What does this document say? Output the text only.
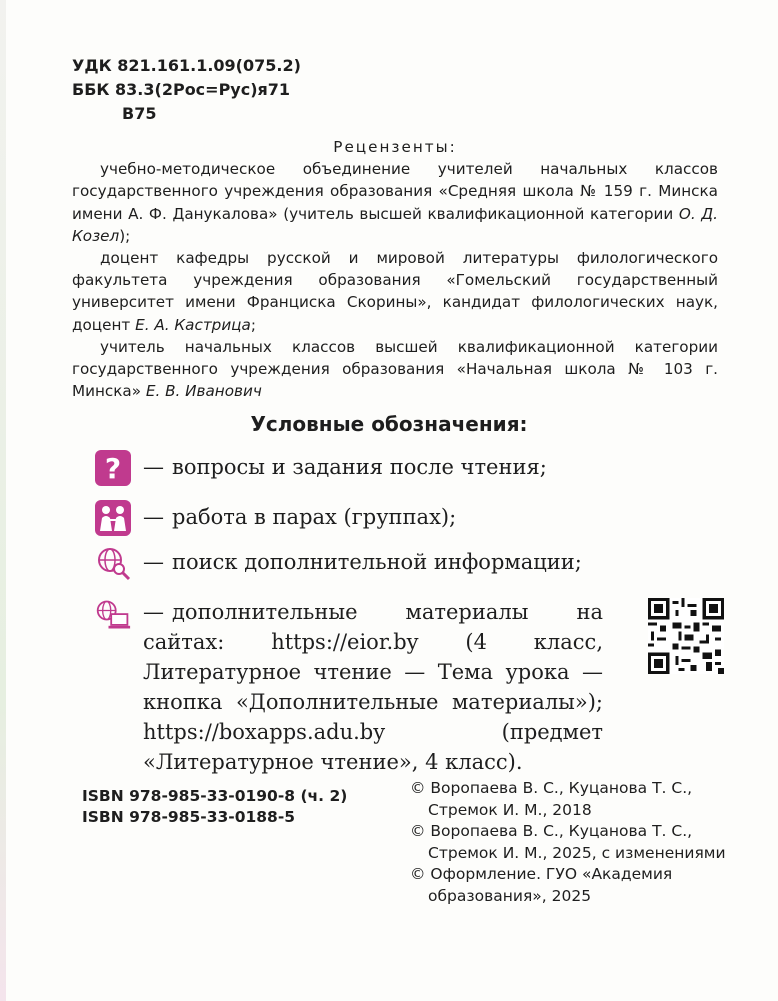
УДК 821.161.1.09(075.2)
ББК 83.3(2Рос=Рус)я71
В75
Рецензенты:

учебно-методическое объединение учителей начальных классов государственного учреждения образования «Средняя школа № 159 г. Минска имени А. Ф. Данукалова» (учитель высшей квалификационной категории О. Д. Козел);

доцент кафедры русской и мировой литературы филологического факультета учреждения образования «Гомельский государственный университет имени Франциска Скорины», кандидат филологических наук, доцент Е. А. Кастрица;

учитель начальных классов высшей квалификационной категории государственного учреждения образования «Начальная школа № 103 г. Минска» Е. В. Иванович

Условные обозначения:
?	— вопросы и задания после чтения;
— работа в парах (группах);
— поиск дополнительной информации;
— дополнительные материалы на сайтах: https://eior.by (4 класс, Литературное чтение — Тема урока — кнопка «Дополнительные материалы»); https://boxapps.adu.by (предмет «Литературное чтение», 4 класс).
ISBN 978-985-33-0190-8 (ч. 2)
ISBN 978-985-33-0188-5
© Воропаева В. С., Куцанова Т. С., Стремок И. М., 2018
© Воропаева В. С., Куцанова Т. С., Стремок И. М., 2025, с изменениями
© Оформление. ГУО «Академия образования», 2025
